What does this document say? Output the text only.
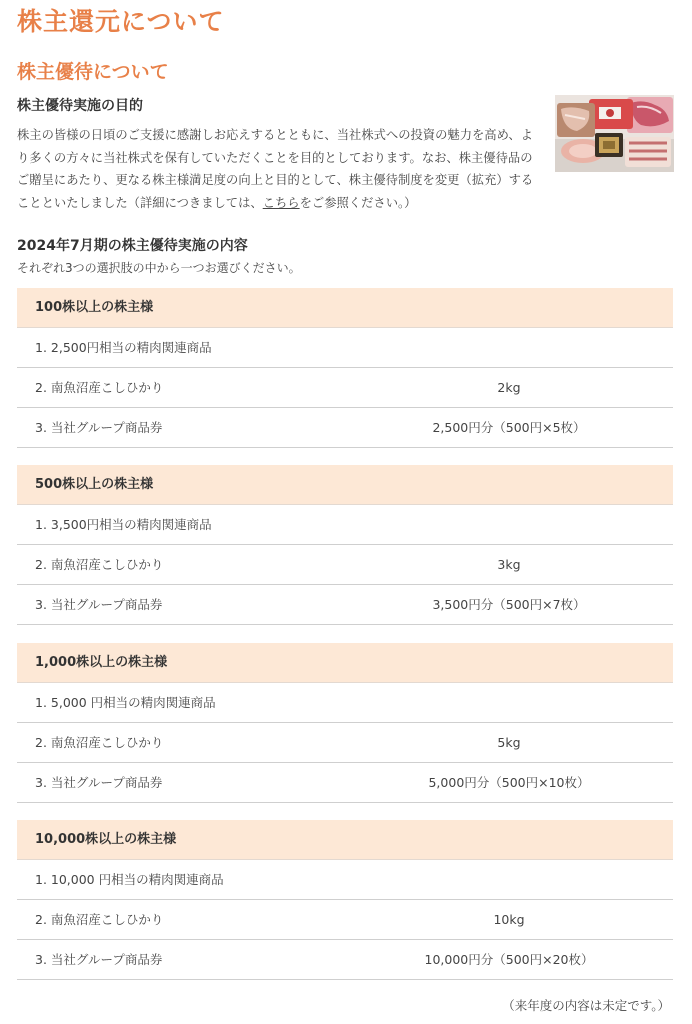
株主還元について
株主優待について
株主優待実施の目的
株主の皆様の日頃のご支援に感謝しお応えするとともに、当社株式への投資の魅力を高め、より多くの方々に当社株式を保有していただくことを目的としております。なお、株主優待品のご贈呈にあたり、更なる株主様満足度の向上と目的として、株主優待制度を変更（拡充）することといたしました（詳細につきましては、こちらをご参照ください。）
2024年7月期の株主優待実施の内容
それぞれ3つの選択肢の中から一つお選びください。
100株以上の株主様
1. 2,500円相当の精肉関連商品
2. 南魚沼産こしひかり	2kg
3. 当社グループ商品券	2,500円分（500円×5枚）
500株以上の株主様
1. 3,500円相当の精肉関連商品
2. 南魚沼産こしひかり	3kg
3. 当社グループ商品券	3,500円分（500円×7枚）
1,000株以上の株主様
1. 5,000 円相当の精肉関連商品
2. 南魚沼産こしひかり	5kg
3. 当社グループ商品券	5,000円分（500円×10枚）
10,000株以上の株主様
1. 10,000 円相当の精肉関連商品
2. 南魚沼産こしひかり	10kg
3. 当社グループ商品券	10,000円分（500円×20枚）
（来年度の内容は未定です。）
